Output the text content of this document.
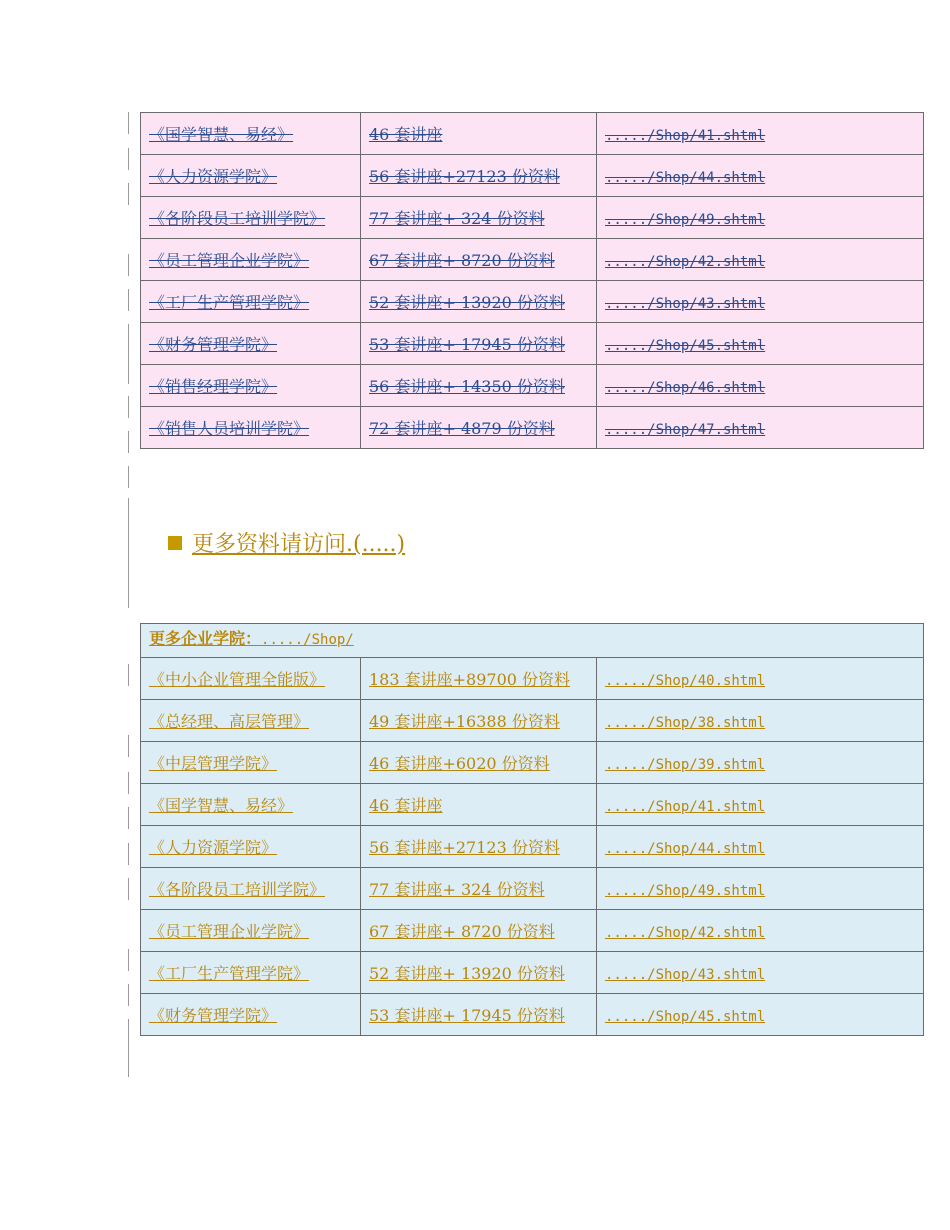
《国学智慧、易经》	46 套讲座	...../Shop/41.shtml
《人力资源学院》	56 套讲座+27123 份资料	...../Shop/44.shtml
《各阶段员工培训学院》	77 套讲座+ 324 份资料	...../Shop/49.shtml
《员工管理企业学院》	67 套讲座+ 8720 份资料	...../Shop/42.shtml
《工厂生产管理学院》	52 套讲座+ 13920 份资料	...../Shop/43.shtml
《财务管理学院》	53 套讲座+ 17945 份资料	...../Shop/45.shtml
《销售经理学院》	56 套讲座+ 14350 份资料	...../Shop/46.shtml
《销售人员培训学院》	72 套讲座+ 4879 份资料	...../Shop/47.shtml
更多资料请访问.(.....)
更多企业学院：...../Shop/		
《中小企业管理全能版》	183 套讲座+89700 份资料	...../Shop/40.shtml
《总经理、高层管理》	49 套讲座+16388 份资料	...../Shop/38.shtml
《中层管理学院》	46 套讲座+6020 份资料	...../Shop/39.shtml
《国学智慧、易经》	46 套讲座	...../Shop/41.shtml
《人力资源学院》	56 套讲座+27123 份资料	...../Shop/44.shtml
《各阶段员工培训学院》	77 套讲座+ 324 份资料	...../Shop/49.shtml
《员工管理企业学院》	67 套讲座+ 8720 份资料	...../Shop/42.shtml
《工厂生产管理学院》	52 套讲座+ 13920 份资料	...../Shop/43.shtml
《财务管理学院》	53 套讲座+ 17945 份资料	...../Shop/45.shtml
